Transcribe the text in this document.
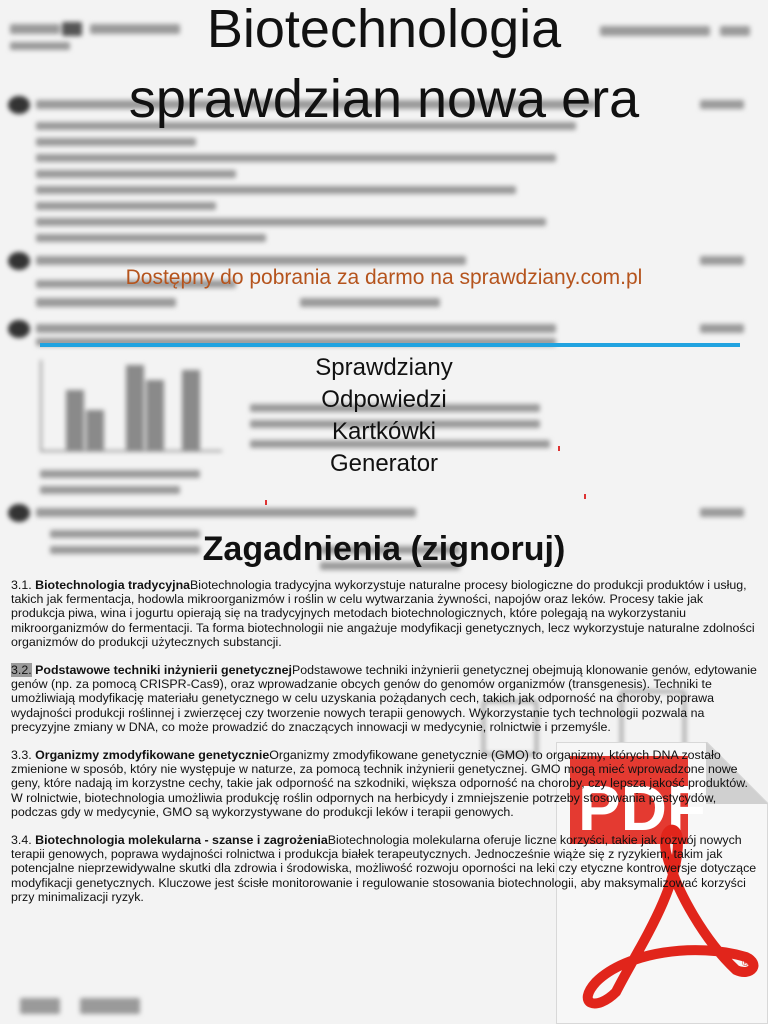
PDF
®
Biotechnologia
sprawdzian nowa era
Dostępny do pobrania za darmo na sprawdziany.com.pl
Sprawdziany
Odpowiedzi
Kartkówki
Generator
Zagadnienia (zignoruj)

3.1. Biotechnologia tradycyjnaBiotechnologia tradycyjna wykorzystuje naturalne procesy biologiczne do produkcji produktów i usług, takich jak fermentacja, hodowla mikroorganizmów i roślin w celu wytwarzania żywności, napojów oraz leków. Procesy takie jak produkcja piwa, wina i jogurtu opierają się na tradycyjnych metodach biotechnologicznych, które polegają na wykorzystaniu mikroorganizmów do fermentacji. Ta forma biotechnologii nie angażuje modyfikacji genetycznych, lecz wykorzystuje naturalne zdolności organizmów do produkcji użytecznych substancji.

3.2. Podstawowe techniki inżynierii genetycznejPodstawowe techniki inżynierii genetycznej obejmują klonowanie genów, edytowanie genów (np. za pomocą CRISPR-Cas9), oraz wprowadzanie obcych genów do genomów organizmów (transgenesis). Techniki te umożliwiają modyfikację materiału genetycznego w celu uzyskania pożądanych cech, takich jak odporność na choroby, poprawa wydajności produkcji roślinnej i zwierzęcej czy tworzenie nowych terapii genowych. Wykorzystanie tych technologii pozwala na precyzyjne zmiany w DNA, co może prowadzić do znaczących innowacji w medycynie, rolnictwie i przemyśle.

3.3. Organizmy zmodyfikowane genetycznieOrganizmy zmodyfikowane genetycznie (GMO) to organizmy, których DNA zostało zmienione w sposób, który nie występuje w naturze, za pomocą technik inżynierii genetycznej. GMO mogą mieć wprowadzone nowe geny, które nadają im korzystne cechy, takie jak odporność na szkodniki, większa odporność na choroby, czy lepsza jakość produktów. W rolnictwie, biotechnologia umożliwia produkcję roślin odpornych na herbicydy i zmniejszenie potrzeby stosowania pestycydów, podczas gdy w medycynie, GMO są wykorzystywane do produkcji leków i terapii genowych.

3.4. Biotechnologia molekularna - szanse i zagrożeniaBiotechnologia molekularna oferuje liczne korzyści, takie jak rozwój nowych terapii genowych, poprawa wydajności rolnictwa i produkcja białek terapeutycznych. Jednocześnie wiąże się z ryzykiem, takim jak potencjalne nieprzewidywalne skutki dla zdrowia i środowiska, możliwość rozwoju oporności na leki czy etyczne kontrowersje dotyczące modyfikacji genetycznych. Kluczowe jest ścisłe monitorowanie i regulowanie stosowania biotechnologii, aby maksymalizować korzyści przy minimalizacji ryzyk.
